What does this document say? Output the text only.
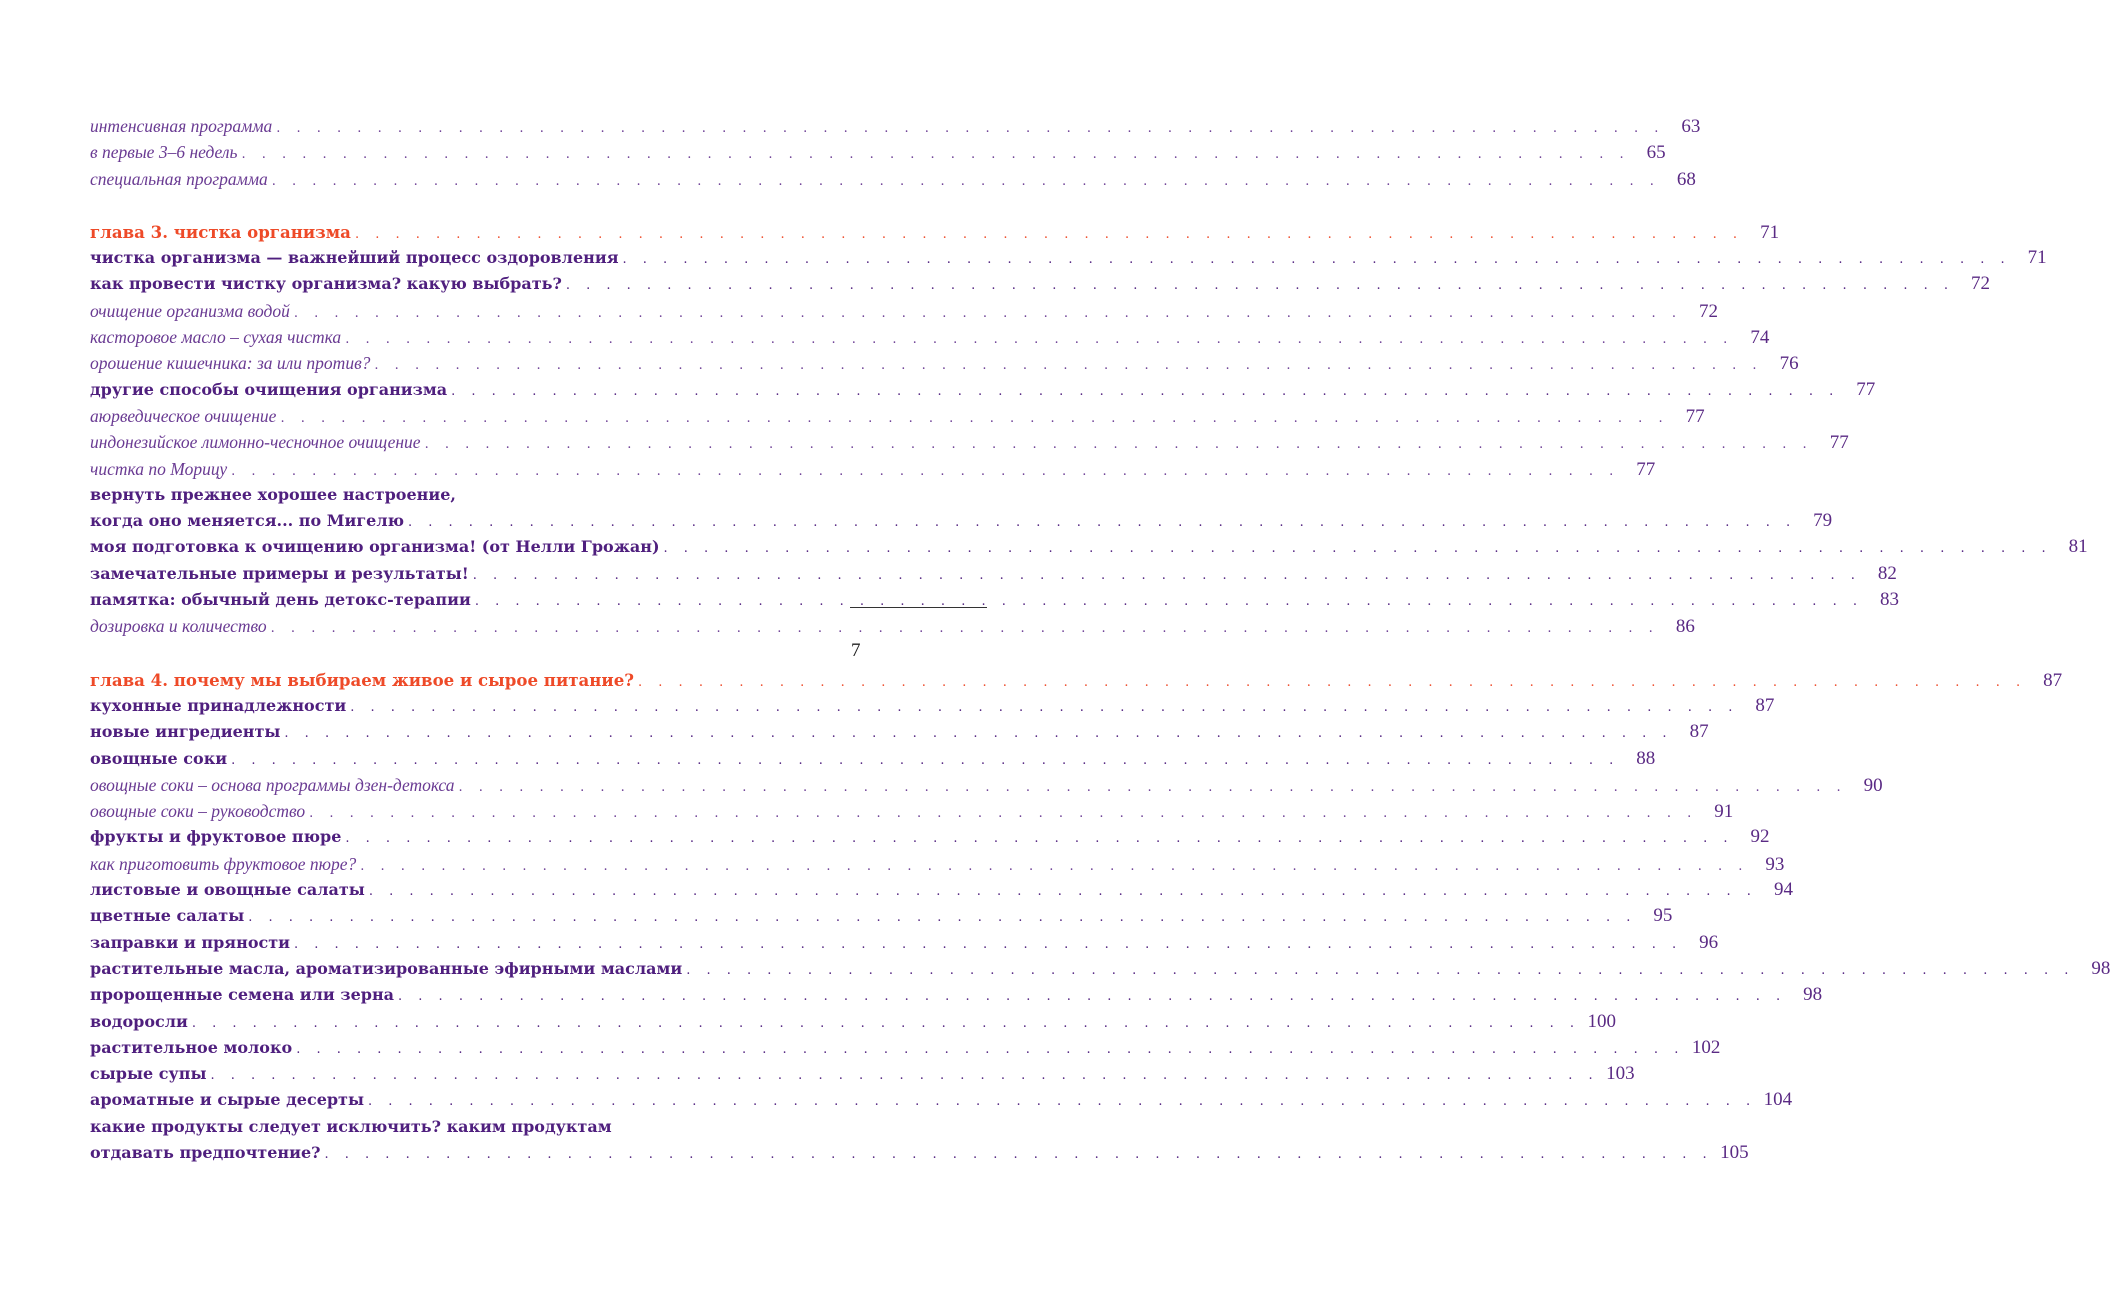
интенсивная программа . . . . . . . . . . . . . . . . . . . . . . . . . . . . . . . . . . . . . . . . . . . . . . . . . . . . . . . . . . . . . . . . . . . . . 63
в первые 3–6 недель . . . . . . . . . . . . . . . . . . . . . . . . . . . . . . . . . . . . . . . . . . . . . . . . . . . . . . . . . . . . . . . . . . . . . 65
специальная программа . . . . . . . . . . . . . . . . . . . . . . . . . . . . . . . . . . . . . . . . . . . . . . . . . . . . . . . . . . . . . . . . . . . . . 68
глава 3. чистка организма . . . . . . . . . . . . . . . . . . . . . . . . . . . . . . . . . . . . . . . . . . . . . . . . . . . . . . . . . . . . . . . . . . . . . 71
чистка организма — важнейший процесс оздоровления . . . . . . . . . . . . . . . . . . . . . . . . . . . . . . . . . . . . . . . . . . . . . . . . . . . . . . . . . . . . . . . . . . . . . 71
как провести чистку организма? какую выбрать? . . . . . . . . . . . . . . . . . . . . . . . . . . . . . . . . . . . . . . . . . . . . . . . . . . . . . . . . . . . . . . . . . . . . . 72
очищение организма водой . . . . . . . . . . . . . . . . . . . . . . . . . . . . . . . . . . . . . . . . . . . . . . . . . . . . . . . . . . . . . . . . . . . . . 72
касторовое масло – сухая чистка . . . . . . . . . . . . . . . . . . . . . . . . . . . . . . . . . . . . . . . . . . . . . . . . . . . . . . . . . . . . . . . . . . . . . 74
орошение кишечника: за или против? . . . . . . . . . . . . . . . . . . . . . . . . . . . . . . . . . . . . . . . . . . . . . . . . . . . . . . . . . . . . . . . . . . . . . 76
другие способы очищения организма . . . . . . . . . . . . . . . . . . . . . . . . . . . . . . . . . . . . . . . . . . . . . . . . . . . . . . . . . . . . . . . . . . . . . 77
аюрведическое очищение . . . . . . . . . . . . . . . . . . . . . . . . . . . . . . . . . . . . . . . . . . . . . . . . . . . . . . . . . . . . . . . . . . . . . 77
индонезийское лимонно-чесночное очищение . . . . . . . . . . . . . . . . . . . . . . . . . . . . . . . . . . . . . . . . . . . . . . . . . . . . . . . . . . . . . . . . . . . . . 77
чистка по Морицу . . . . . . . . . . . . . . . . . . . . . . . . . . . . . . . . . . . . . . . . . . . . . . . . . . . . . . . . . . . . . . . . . . . . . 77
вернуть прежнее хорошее настроение,
когда оно меняется... по Мигелю . . . . . . . . . . . . . . . . . . . . . . . . . . . . . . . . . . . . . . . . . . . . . . . . . . . . . . . . . . . . . . . . . . . . . 79
моя подготовка к очищению организма! (от Нелли Грожан) . . . . . . . . . . . . . . . . . . . . . . . . . . . . . . . . . . . . . . . . . . . . . . . . . . . . . . . . . . . . . . . . . . . . . 81
замечательные примеры и результаты! . . . . . . . . . . . . . . . . . . . . . . . . . . . . . . . . . . . . . . . . . . . . . . . . . . . . . . . . . . . . . . . . . . . . . 82
памятка: обычный день детокс-терапии . . . . . . . . . . . . . . . . . . . . . . . . . . . . . . . . . . . . . . . . . . . . . . . . . . . . . . . . . . . . . . . . . . . . . 83
дозировка и количество . . . . . . . . . . . . . . . . . . . . . . . . . . . . . . . . . . . . . . . . . . . . . . . . . . . . . . . . . . . . . . . . . . . . . 86
глава 4. почему мы выбираем живое и сырое питание? . . . . . . . . . . . . . . . . . . . . . . . . . . . . . . . . . . . . . . . . . . . . . . . . . . . . . . . . . . . . . . . . . . . . . 87
кухонные принадлежности . . . . . . . . . . . . . . . . . . . . . . . . . . . . . . . . . . . . . . . . . . . . . . . . . . . . . . . . . . . . . . . . . . . . . 87
новые ингредиенты . . . . . . . . . . . . . . . . . . . . . . . . . . . . . . . . . . . . . . . . . . . . . . . . . . . . . . . . . . . . . . . . . . . . . 87
овощные соки . . . . . . . . . . . . . . . . . . . . . . . . . . . . . . . . . . . . . . . . . . . . . . . . . . . . . . . . . . . . . . . . . . . . . 88
овощные соки – основа программы дзен-детокса . . . . . . . . . . . . . . . . . . . . . . . . . . . . . . . . . . . . . . . . . . . . . . . . . . . . . . . . . . . . . . . . . . . . . 90
овощные соки – руководство . . . . . . . . . . . . . . . . . . . . . . . . . . . . . . . . . . . . . . . . . . . . . . . . . . . . . . . . . . . . . . . . . . . . . 91
фрукты и фруктовое пюре . . . . . . . . . . . . . . . . . . . . . . . . . . . . . . . . . . . . . . . . . . . . . . . . . . . . . . . . . . . . . . . . . . . . . 92
как приготовить фруктовое пюре? . . . . . . . . . . . . . . . . . . . . . . . . . . . . . . . . . . . . . . . . . . . . . . . . . . . . . . . . . . . . . . . . . . . . . 93
листовые и овощные салаты . . . . . . . . . . . . . . . . . . . . . . . . . . . . . . . . . . . . . . . . . . . . . . . . . . . . . . . . . . . . . . . . . . . . . 94
цветные салаты . . . . . . . . . . . . . . . . . . . . . . . . . . . . . . . . . . . . . . . . . . . . . . . . . . . . . . . . . . . . . . . . . . . . . 95
заправки и пряности . . . . . . . . . . . . . . . . . . . . . . . . . . . . . . . . . . . . . . . . . . . . . . . . . . . . . . . . . . . . . . . . . . . . . 96
растительные масла, ароматизированные эфирными маслами . . . . . . . . . . . . . . . . . . . . . . . . . . . . . . . . . . . . . . . . . . . . . . . . . . . . . . . . . . . . . . . . . . . . . 98
пророщенные семена или зерна . . . . . . . . . . . . . . . . . . . . . . . . . . . . . . . . . . . . . . . . . . . . . . . . . . . . . . . . . . . . . . . . . . . . . 98
водоросли . . . . . . . . . . . . . . . . . . . . . . . . . . . . . . . . . . . . . . . . . . . . . . . . . . . . . . . . . . . . . . . . . . . . . 100
растительное молоко . . . . . . . . . . . . . . . . . . . . . . . . . . . . . . . . . . . . . . . . . . . . . . . . . . . . . . . . . . . . . . . . . . . . . 102
сырые супы . . . . . . . . . . . . . . . . . . . . . . . . . . . . . . . . . . . . . . . . . . . . . . . . . . . . . . . . . . . . . . . . . . . . . 103
ароматные и сырые десерты . . . . . . . . . . . . . . . . . . . . . . . . . . . . . . . . . . . . . . . . . . . . . . . . . . . . . . . . . . . . . . . . . . . . . 104
какие продукты следует исключить? каким продуктам
отдавать предпочтение? . . . . . . . . . . . . . . . . . . . . . . . . . . . . . . . . . . . . . . . . . . . . . . . . . . . . . . . . . . . . . . . . . . . . . 105
7
